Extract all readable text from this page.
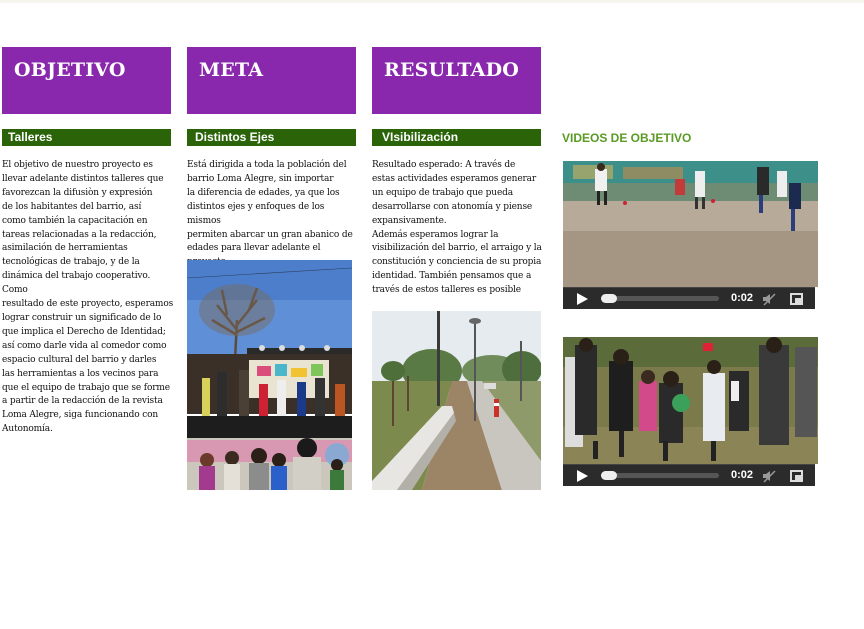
OBJETIVO
Talleres

El objetivo de nuestro proyecto es

llevar adelante distintos talleres que

favorezcan la difusiòn y expresión

de los habitantes del barrio, así

como también la capacitación en

tareas relacionadas a la redacción,

asimilación de herramientas

tecnológicas de trabajo, y de la

dinámica del trabajo cooperativo. Como

resultado de este proyecto, esperamos

lograr construir un significado de lo

que implica el Derecho de Identidad;

así como darle vida al comedor como

espacio cultural del barrio y darles

las herramientas a los vecinos para

que el equipo de trabajo que se forme

a partir de la redacción de la revista

Loma Alegre, siga funcionando con

Autonomía.

META
Distintos Ejes

Está dirigida a toda la población del

barrio Loma Alegre, sin importar

la diferencia de edades, ya que los

distintos ejes y enfoques de los mismos

permiten abarcar un gran abanico de

edades para llevar adelante el

RESULTADO
VIsibilización

Resultado esperado: A través de

estas actividades esperamos generar

un equipo de trabajo que pueda

desarrollarse con atonomía y piense

expansivamente.

Además esperamos lograr la

visibilización del barrio, el arraigo y la

constitución y conciencia de su propia

identidad. También pensamos que a

través de estos talleres es posible

VIDEOS DE OBJETIVO
0:02
0:02
